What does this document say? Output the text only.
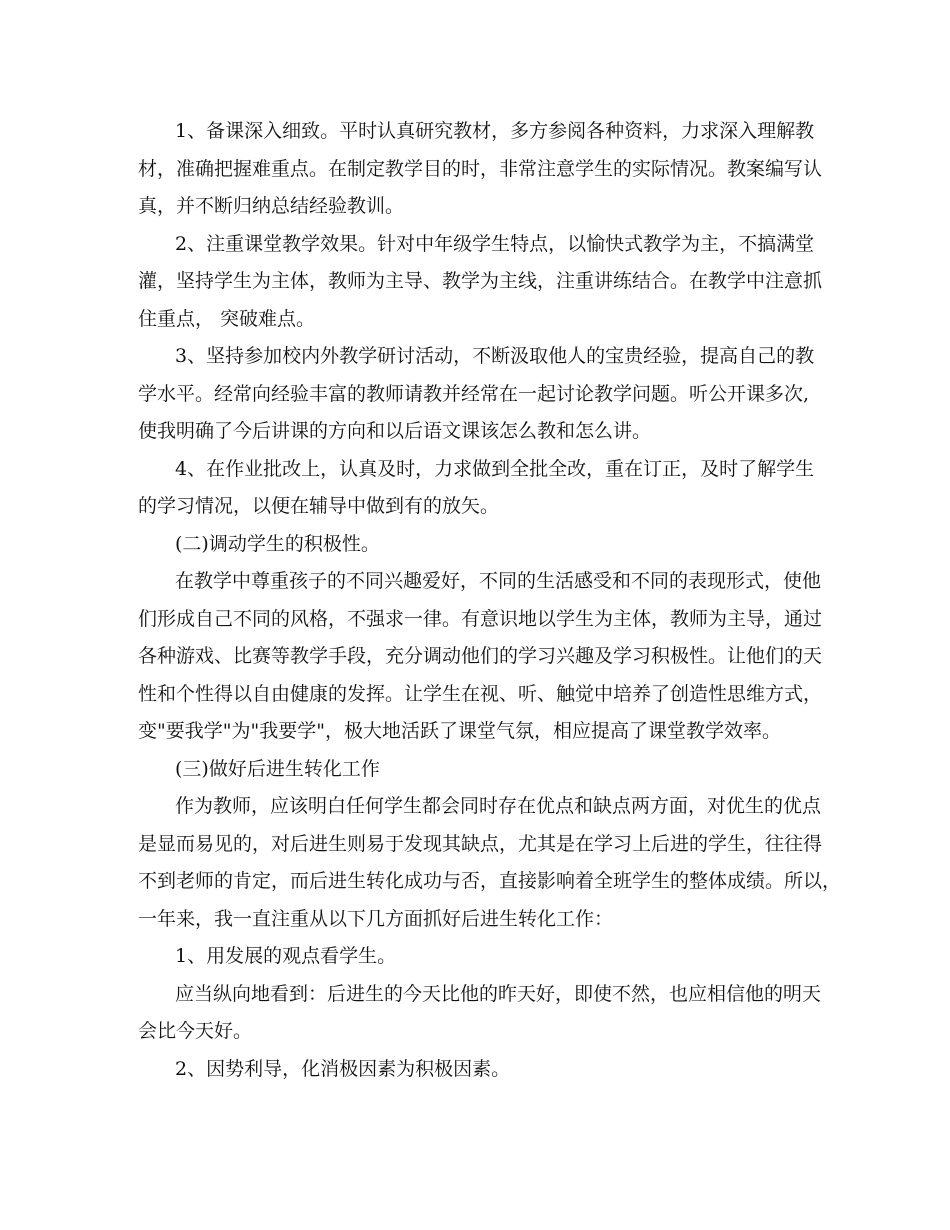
1、备课深入细致。平时认真研究教材，多方参阅各种资料，力求深入理解教
材，准确把握难重点。在制定教学目的时，非常注意学生的实际情况。教案编写认
真，并不断归纳总结经验教训。
2、注重课堂教学效果。针对中年级学生特点，以愉快式教学为主，不搞满堂
灌，坚持学生为主体，教师为主导、教学为主线，注重讲练结合。在教学中注意抓
住重点， 突破难点。
3、坚持参加校内外教学研讨活动，不断汲取他人的宝贵经验，提高自己的教
学水平。经常向经验丰富的教师请教并经常在一起讨论教学问题。听公开课多次,
使我明确了今后讲课的方向和以后语文课该怎么教和怎么讲。
4、在作业批改上，认真及时，力求做到全批全改，重在订正，及时了解学生
的学习情况，以便在辅导中做到有的放矢。
(二)调动学生的积极性。
在教学中尊重孩子的不同兴趣爱好，不同的生活感受和不同的表现形式，使他
们形成自己不同的风格，不强求一律。有意识地以学生为主体，教师为主导，通过
各种游戏、比赛等教学手段，充分调动他们的学习兴趣及学习积极性。让他们的天
性和个性得以自由健康的发挥。让学生在视、听、触觉中培养了创造性思维方式，
变"要我学"为"我要学"，极大地活跃了课堂气氛，相应提高了课堂教学效率。
(三)做好后进生转化工作
作为教师，应该明白任何学生都会同时存在优点和缺点两方面，对优生的优点
是显而易见的，对后进生则易于发现其缺点，尤其是在学习上后进的学生，往往得
不到老师的肯定，而后进生转化成功与否，直接影响着全班学生的整体成绩。所以，
一年来，我一直注重从以下几方面抓好后进生转化工作：
1、用发展的观点看学生。
应当纵向地看到：后进生的今天比他的昨天好，即使不然，也应相信他的明天
会比今天好。
2、因势利导，化消极因素为积极因素。
